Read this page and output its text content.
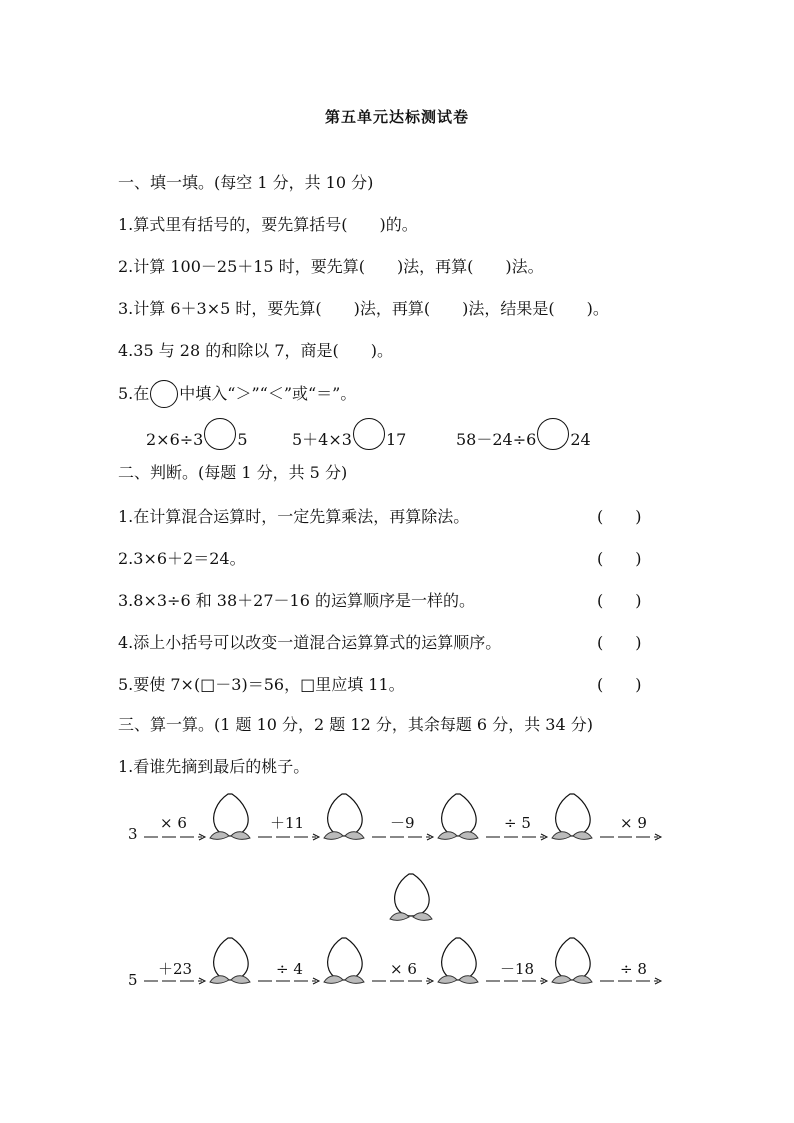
第五单元达标测试卷
一、填一填。(每空 1 分，共 10 分)
1.算式里有括号的，要先算括号(　　)的。
2.计算 100－25＋15 时，要先算(　　)法，再算(　　)法。
3.计算 6＋3×5 时，要先算(　　)法，再算(　　)法，结果是(　　)。
4.35 与 28 的和除以 7，商是(　　)。
5.在 中填入“＞”“＜”或“＝”。
2×6÷3 5	5＋4×3 17	58－24÷6 24
二、判断。(每题 1 分，共 5 分)
1.在计算混合运算时，一定先算乘法，再算除法。	(　　)
2.3×6＋2＝24。	(　　)
3.8×3÷6 和 38＋27－16 的运算顺序是一样的。	(　　)
4.添上小括号可以改变一道混合运算算式的运算顺序。	(　　)
5.要使 7×(□－3)＝56，□里应填 11。	(　　)
三、算一算。(1 题 10 分，2 题 12 分，其余每题 6 分，共 34 分)
1.看谁先摘到最后的桃子。
3
× 6	＋11	－9	÷ 5	× 9
5
＋23	÷ 4	× 6	－18	÷ 8
